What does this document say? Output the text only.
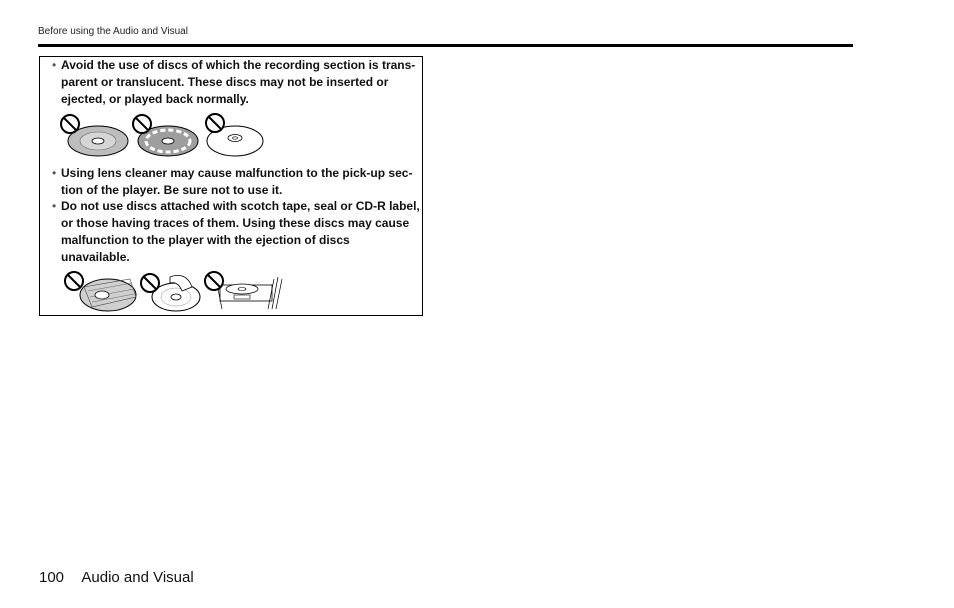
Before using the Audio and Visual
• Avoid the use of discs of which the recording section is trans-parent or translucent. These discs may not be inserted or ejected, or played back normally.
• Using lens cleaner may cause malfunction to the pick-up sec-tion of the player. Be sure not to use it.
• Do not use discs attached with scotch tape, seal or CD-R label, or those having traces of them. Using these discs may cause malfunction to the player with the ejection of discs unavailable.
100 Audio and Visual
